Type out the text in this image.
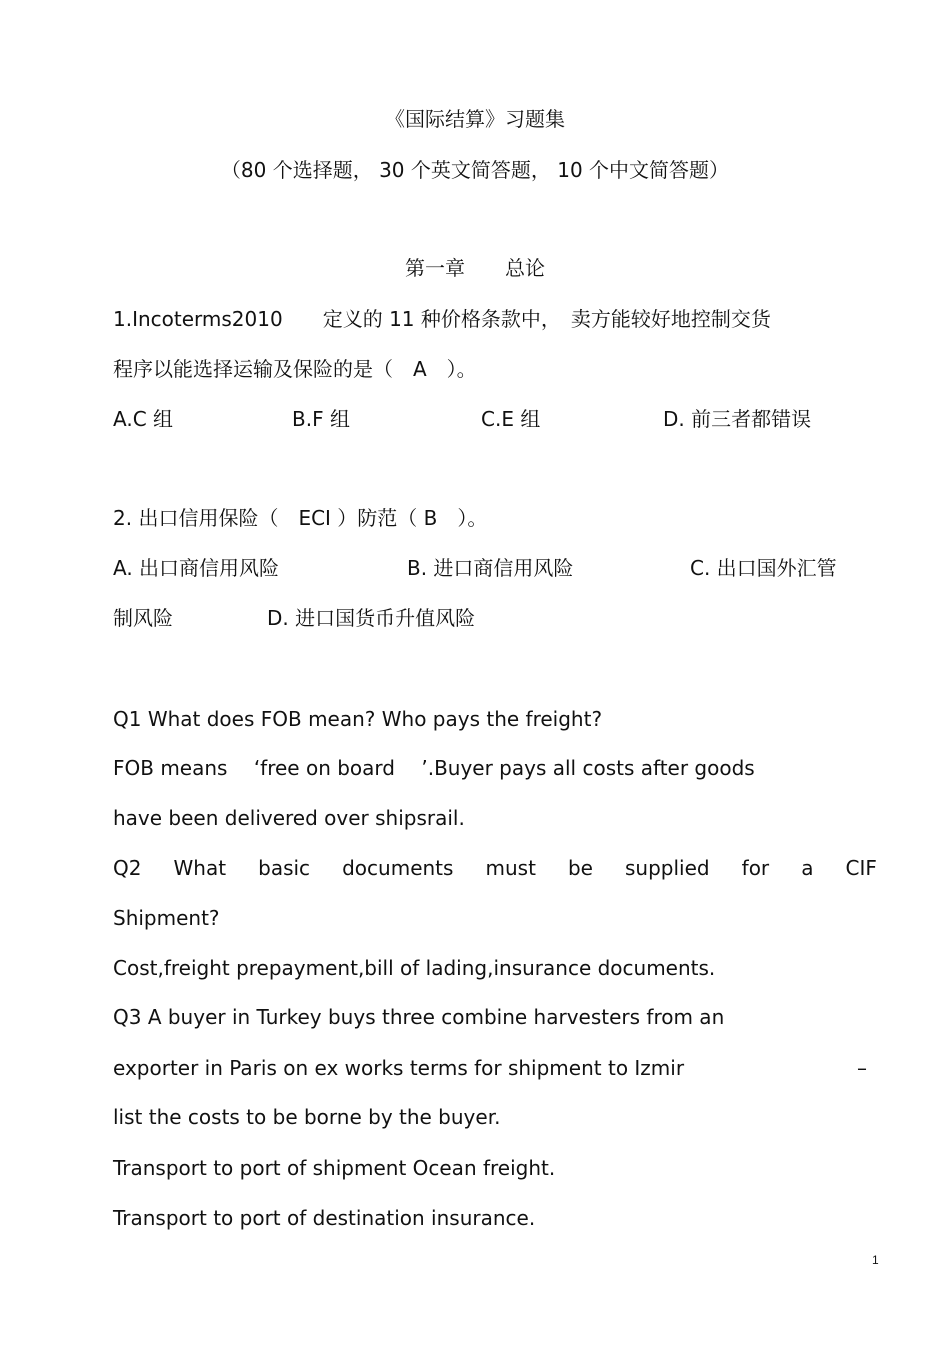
《国际结算》习题集
（80 个选择题， 30 个英文简答题， 10 个中文简答题）
第一章　　总论
1.Incoterms2010　　定义的 11 种价格条款中，　卖方能较好地控制交货
程序以能选择运输及保险的是（　A　）。
A.C 组	B.F 组	C.E 组	D. 前三者都错误
2. 出口信用保险（　ECI ）防范（ B　）。
A. 出口商信用风险	B. 进口商信用风险	C. 出口国外汇管
制风险	D. 进口国货币升值风险
Q1 What does FOB mean? Who pays the freight?
FOB means　 ‘free on board　 ’.Buyer pays all costs after goods
have been delivered over shipsrail.
Q2 What basic documents must be supplied for a CIF
Shipment?
Cost,freight prepayment,bill of lading,insurance documents.
Q3 A buyer in Turkey buys three combine harvesters from an
exporter in Paris on ex works terms for shipment to Izmir	–
list the costs to be borne by the buyer.
Transport to port of shipment Ocean freight.
Transport to port of destination insurance.
1
